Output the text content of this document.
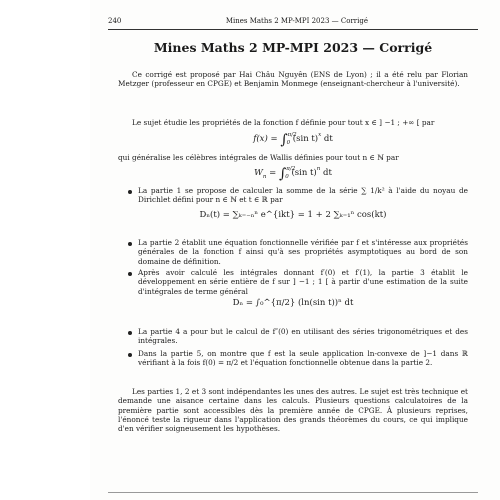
240	Mines Maths 2 MP-MPI 2023 — Corrigé
Mines Maths 2 MP-MPI 2023 — Corrigé
Ce corrigé est proposé par Hai Châu Nguyên (ENS de Lyon) ; il a été relu par Florian Metzger (professeur en CPGE) et Benjamin Monmege (enseignant-chercheur à l'université).
Le sujet étudie les propriétés de la fonction f définie pour tout x ∈ ] −1 ; +∞ [ par
f(x) = ∫$^{\pi/2}_0$ (sin t)$^x$ dt
qui généralise les célèbres intégrales de Wallis définies pour tout n ∈ ℕ par
$W_n = \int^{\pi/2}_0$ (sin t)$^n$ dt
La partie 1 se propose de calculer la somme de la série ∑ 1/k² à l'aide du noyau de Dirichlet défini pour n ∈ ℕ et t ∈ ℝ par
Dₙ(t) = ∑ₖ₌₋ₙⁿ e^{ikt} = 1 + 2 ∑ₖ₌₁ⁿ cos(kt)
La partie 2 établit une équation fonctionnelle vérifiée par f et s'intéresse aux propriétés générales de la fonction f ainsi qu'à ses propriétés asymptotiques au bord de son domaine de définition.
Après avoir calculé les intégrales donnant f′(0) et f′(1), la partie 3 établit le développement en série entière de f sur ] −1 ; 1 [ à partir d'une estimation de la suite d'intégrales de terme général
Dₙ = ∫₀^{π/2} (ln(sin t))ⁿ dt
La partie 4 a pour but le calcul de f″(0) en utilisant des séries trigonométriques et des intégrales.
Dans la partie 5, on montre que f est la seule application ln-convexe de ]−1 dans ℝ vérifiant à la fois f(0) = π/2 et l'équation fonctionnelle obtenue dans la partie 2.
Les parties 1, 2 et 3 sont indépendantes les unes des autres. Le sujet est très technique et demande une aisance certaine dans les calculs. Plusieurs questions calculatoires de la première partie sont accessibles dès la première année de CPGE. À plusieurs reprises, l'énoncé teste la rigueur dans l'application des grands théorèmes du cours, ce qui implique d'en vérifier soigneusement les hypothèses.
